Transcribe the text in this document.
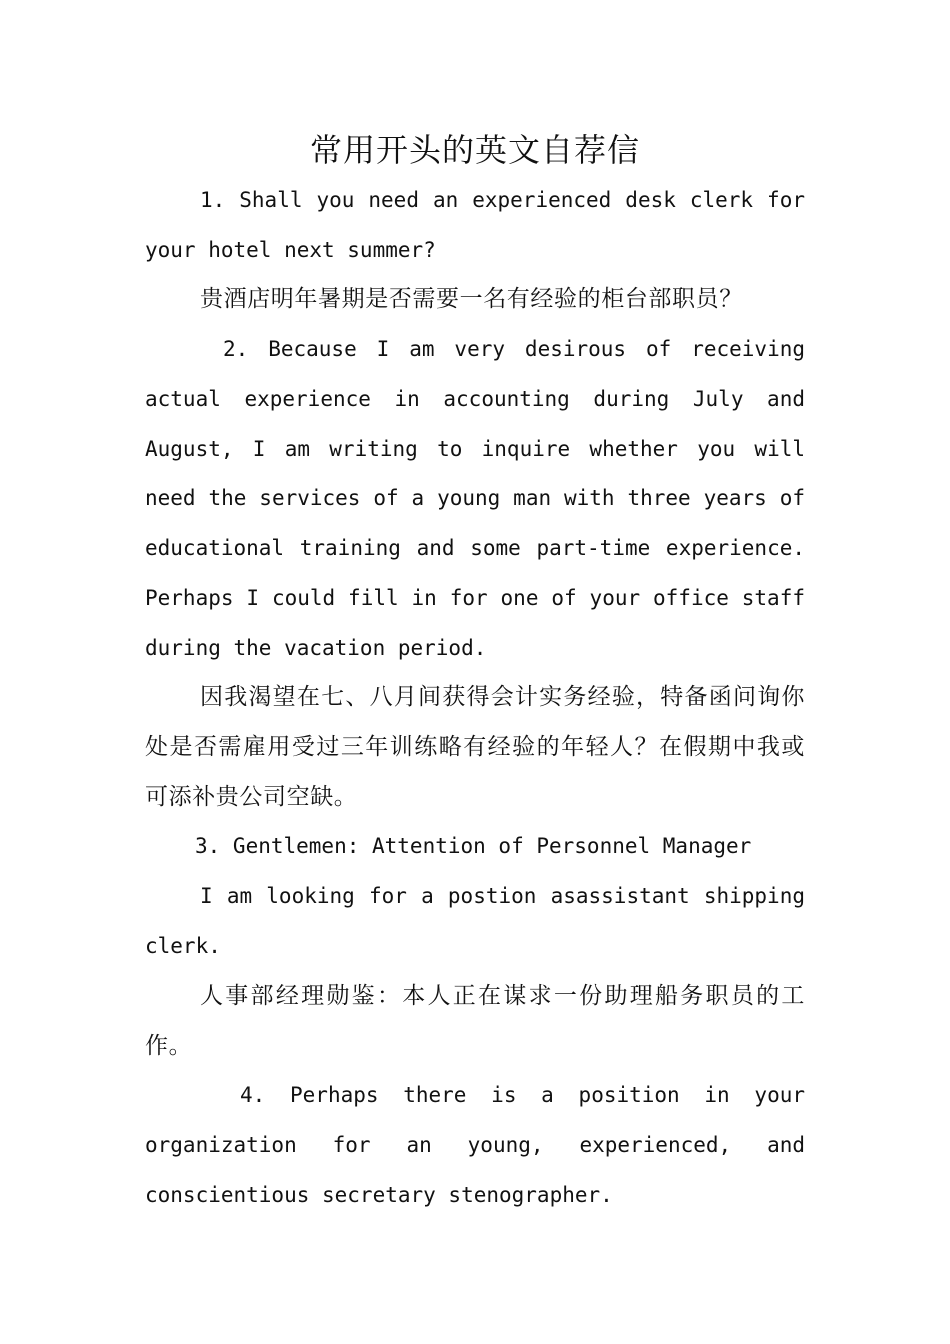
常用开头的英文自荐信

1. Shall you need an experienced desk clerk for your hotel next summer?

贵酒店明年暑期是否需要一名有经验的柜台部职员？

2. Because I am very desirous of receiving actual experience in accounting during July and August, I am writing to inquire whether you will need the services of a young man with three years of educational training and some part-time experience. Perhaps I could fill in for one of your office staff during the vacation period.

因我渴望在七、八月间获得会计实务经验，特备函问询你处是否需雇用受过三年训练略有经验的年轻人？在假期中我或可添补贵公司空缺。

3. Gentlemen: Attention of Personnel Manager

I am looking for a postion asassistant shipping clerk.

人事部经理勋鉴：本人正在谋求一份助理船务职员的工作。

4. Perhaps there is a position in your organization for an young, experienced, and conscientious secretary stenographer.
